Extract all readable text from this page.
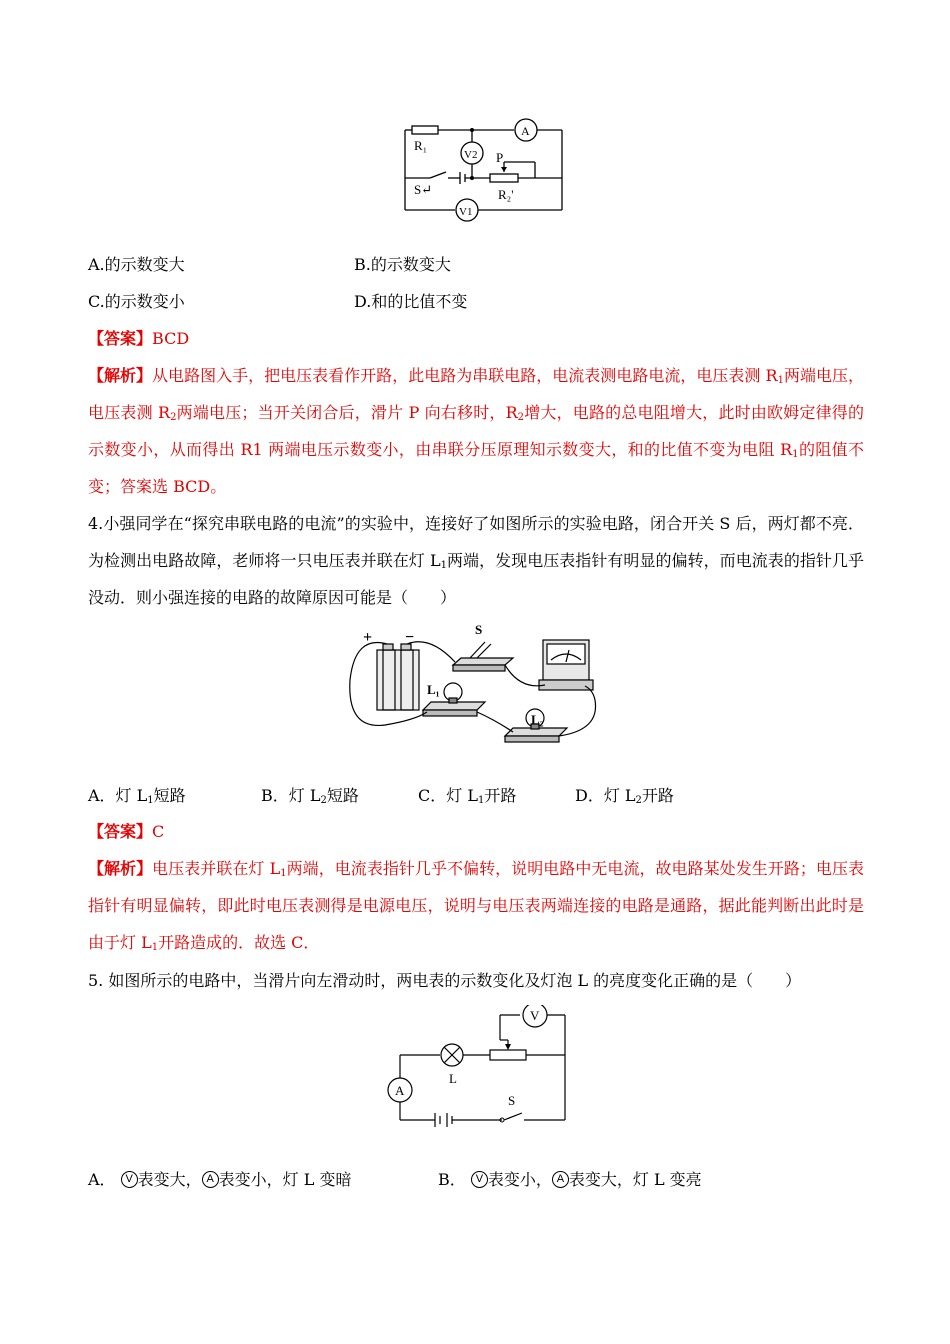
R₁
R₂'
S↵
P
A
V2
V1
A.的示数变大	B.的示数变大
C.的示数变小	D.和的比值不变
【答案】BCD
【解析】从电路图入手，把电压表看作开路，此电路为串联电路，电流表测电路电流，电压表测 $R_1$两端电压，电压表测 $R_2$两端电压；当开关闭合后，滑片 P 向右移时，$R_2$增大，电路的总电阻增大，此时由欧姆定律得的示数变小，从而得出 R1 两端电压示数变小，由串联分压原理知示数变大，和的比值不变为电阻 $R_1$的阻值不变；答案选 BCD。
4.小强同学在“探究串联电路的电流”的实验中，连接好了如图所示的实验电路，闭合开关 S 后，两灯都不亮．为检测出电路故障，老师将一只电压表并联在灯 $L_1$两端，发现电压表指针有明显的偏转，而电流表的指针几乎没动．则小强连接的电路的故障原因可能是（　　）
+ −	S
L₁
L₂
A．灯 $L_1$短路	B．灯 $L_2$短路	C．灯 $L_1$开路	D．灯 $L_2$开路
【答案】C
【解析】电压表并联在灯 $L_1$两端，电流表指针几乎不偏转，说明电路中无电流，故电路某处发生开路；电压表指针有明显偏转，即此时电压表测得是电源电压，说明与电压表两端连接的电路是通路，据此能判断出此时是由于灯 $L_1$开路造成的．故选 C．
5. 如图所示的电路中，当滑片向左滑动时，两电表的示数变化及灯泡 L 的亮度变化正确的是（　　）
V
A
L
S
A． V 表变大， A 表变小，灯 L 变暗	B． V 表变小， A 表变大，灯 L 变亮
